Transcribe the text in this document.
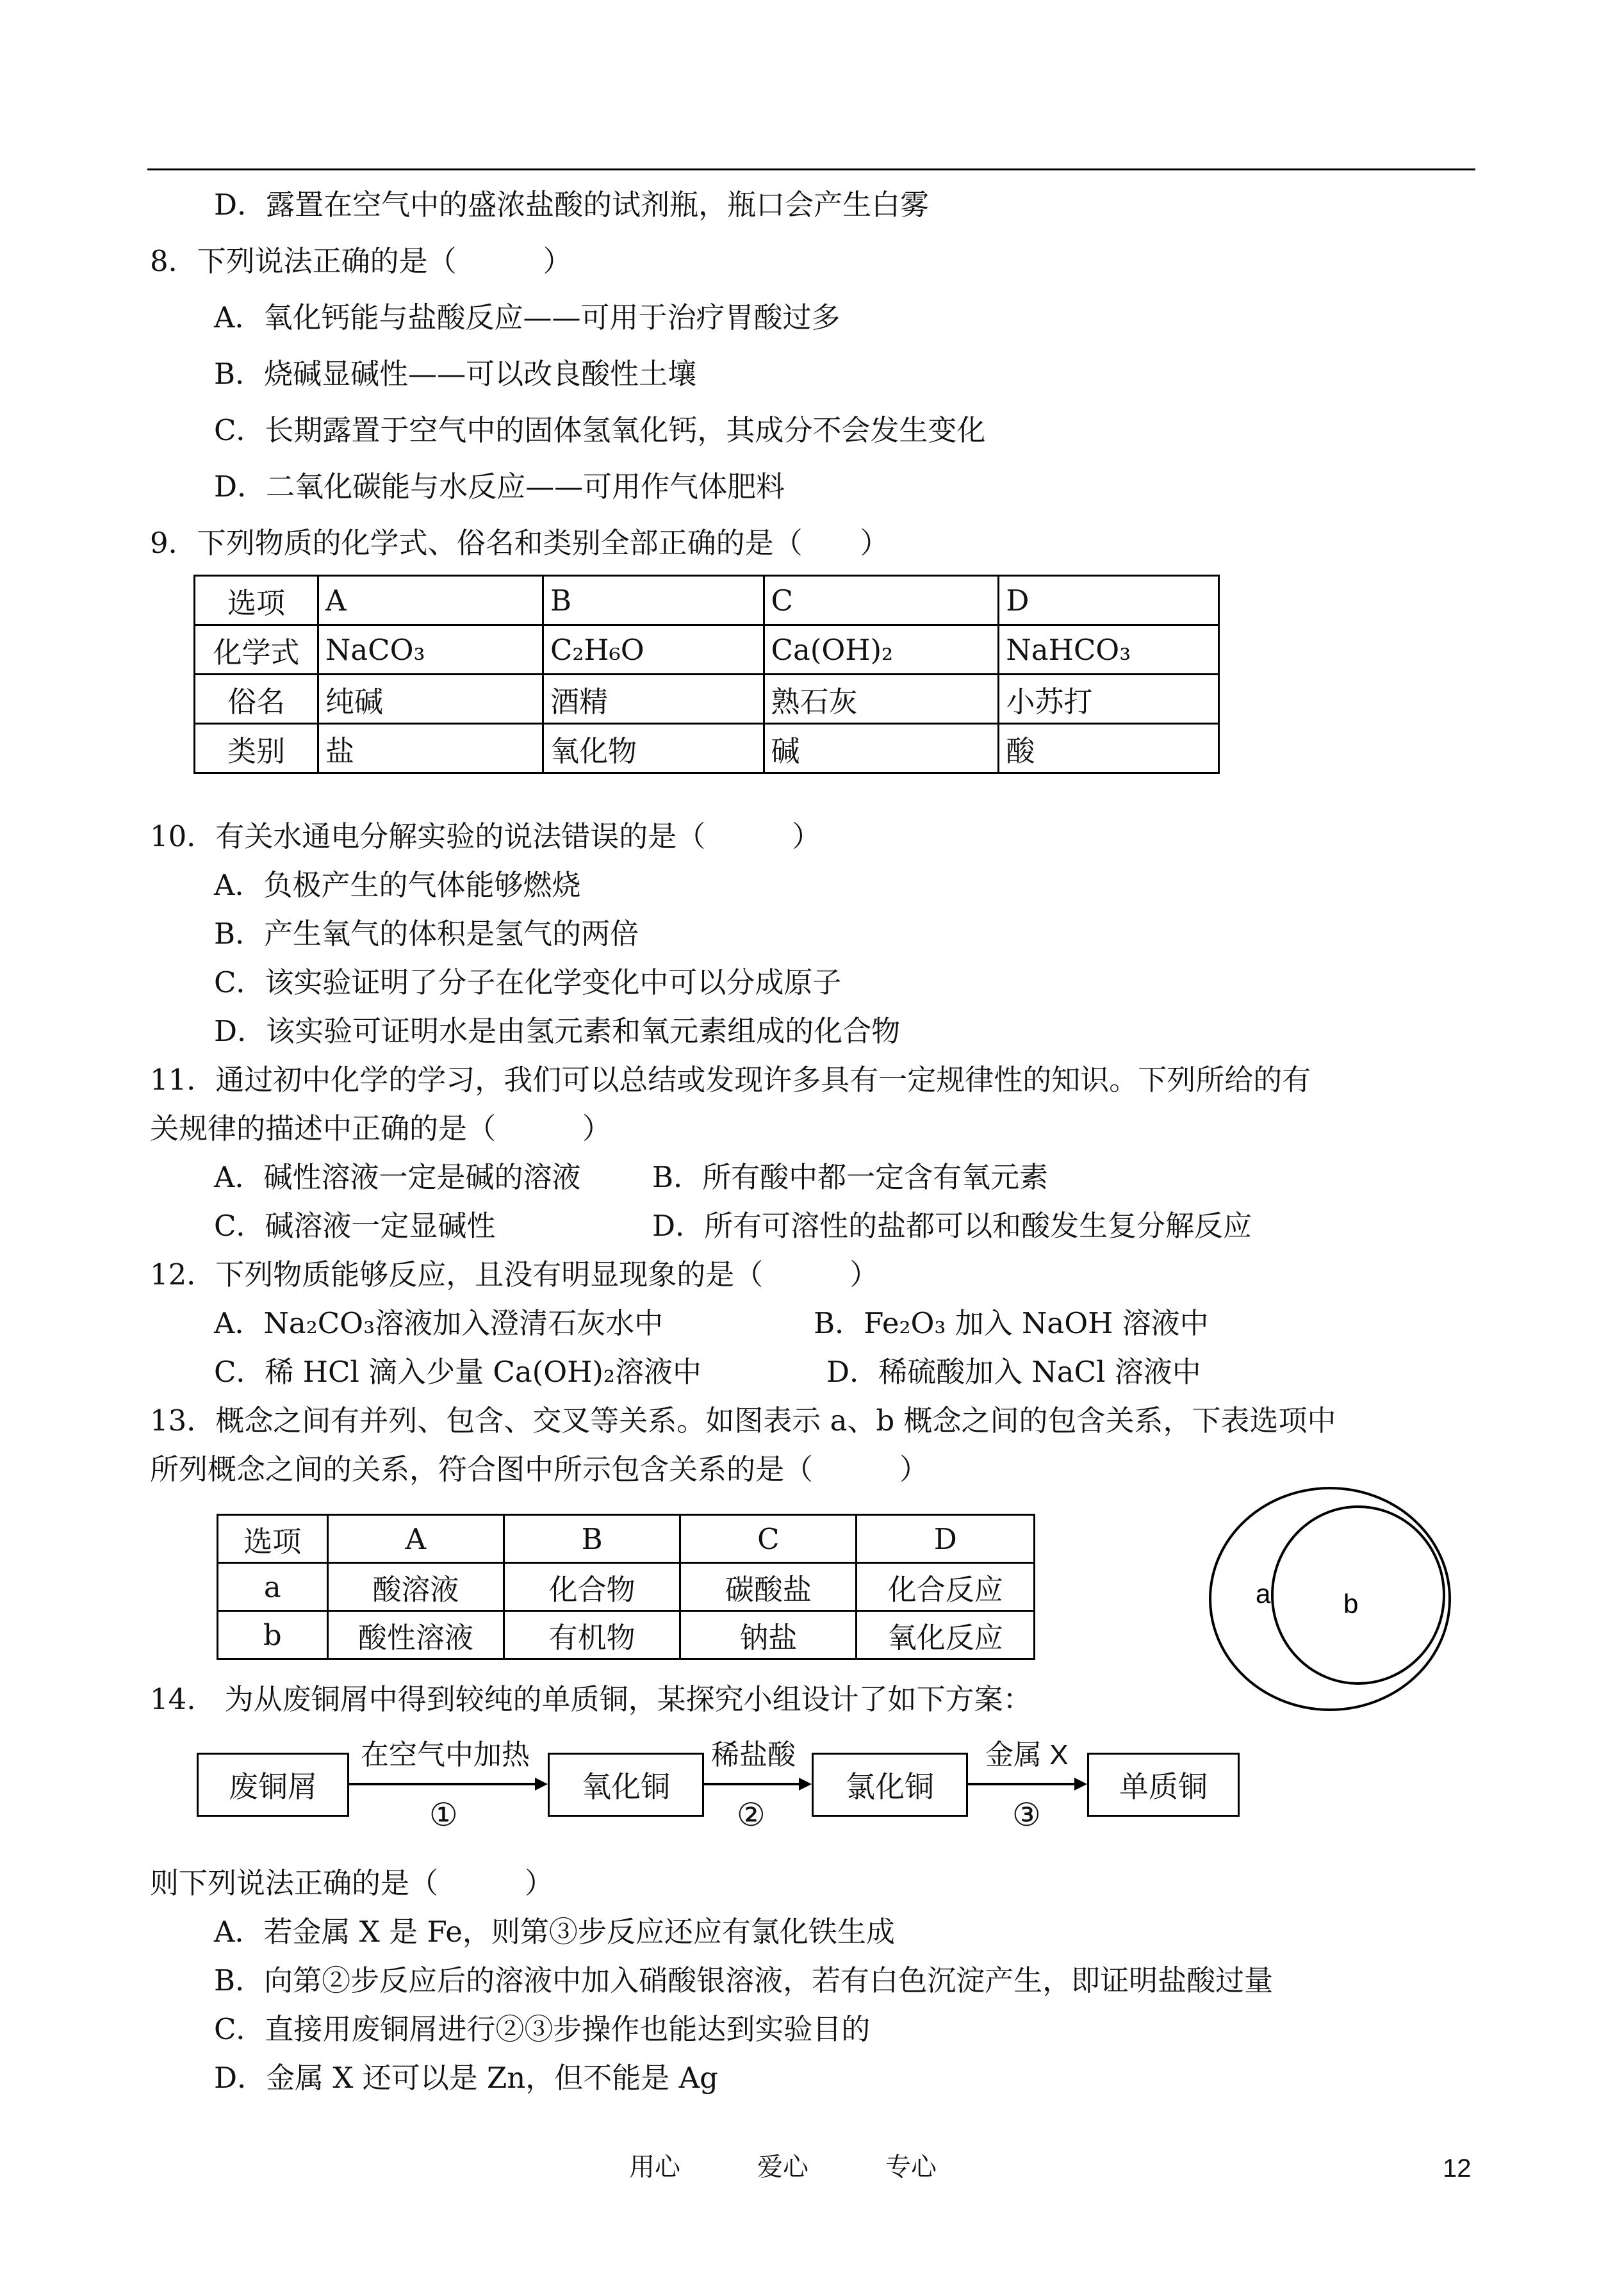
D．露置在空气中的盛浓盐酸的试剂瓶，瓶口会产生白雾
8．下列说法正确的是（　　　）
A．氧化钙能与盐酸反应——可用于治疗胃酸过多
B．烧碱显碱性——可以改良酸性土壤
C．长期露置于空气中的固体氢氧化钙，其成分不会发生变化
D．二氧化碳能与水反应——可用作气体肥料
9．下列物质的化学式、俗名和类别全部正确的是（　　）
选项	A	B	C	D
化学式	NaCO₃	C₂H₆O	Ca(OH)₂	NaHCO₃
俗名	纯碱	酒精	熟石灰	小苏打
类别	盐	氧化物	碱	酸
10．有关水通电分解实验的说法错误的是（　　　）
A．负极产生的气体能够燃烧
B．产生氧气的体积是氢气的两倍
C．该实验证明了分子在化学变化中可以分成原子
D．该实验可证明水是由氢元素和氧元素组成的化合物
11．通过初中化学的学习，我们可以总结或发现许多具有一定规律性的知识。下列所给的有
关规律的描述中正确的是（　　　）
A．碱性溶液一定是碱的溶液 B．所有酸中都一定含有氧元素
C．碱溶液一定显碱性	D．所有可溶性的盐都可以和酸发生复分解反应
12．下列物质能够反应，且没有明显现象的是（　　　）
A．Na₂CO₃溶液加入澄清石灰水中	B．Fe₂O₃ 加入 NaOH 溶液中
C．稀 HCl 滴入少量 Ca(OH)₂溶液中	D．稀硫酸加入 NaCl 溶液中
13．概念之间有并列、包含、交叉等关系。如图表示 a、b 概念之间的包含关系，下表选项中
所列概念之间的关系，符合图中所示包含关系的是（　　　）
选项	A	B	C	D
a	酸溶液	化合物	碳酸盐	化合反应
b	酸性溶液	有机物	钠盐	氧化反应
a	b
14.　为从废铜屑中得到较纯的单质铜，某探究小组设计了如下方案：
废铜屑	氧化铜	氯化铜	单质铜
在空气中加热
①
稀盐酸
②
金属 X
③
则下列说法正确的是（　　　）
A．若金属 X 是 Fe，则第③步反应还应有氯化铁生成
B．向第②步反应后的溶液中加入硝酸银溶液，若有白色沉淀产生，即证明盐酸过量
C．直接用废铜屑进行②③步操作也能达到实验目的
D．金属 X 还可以是 Zn，但不能是 Ag
用心	爱心	专心	12
